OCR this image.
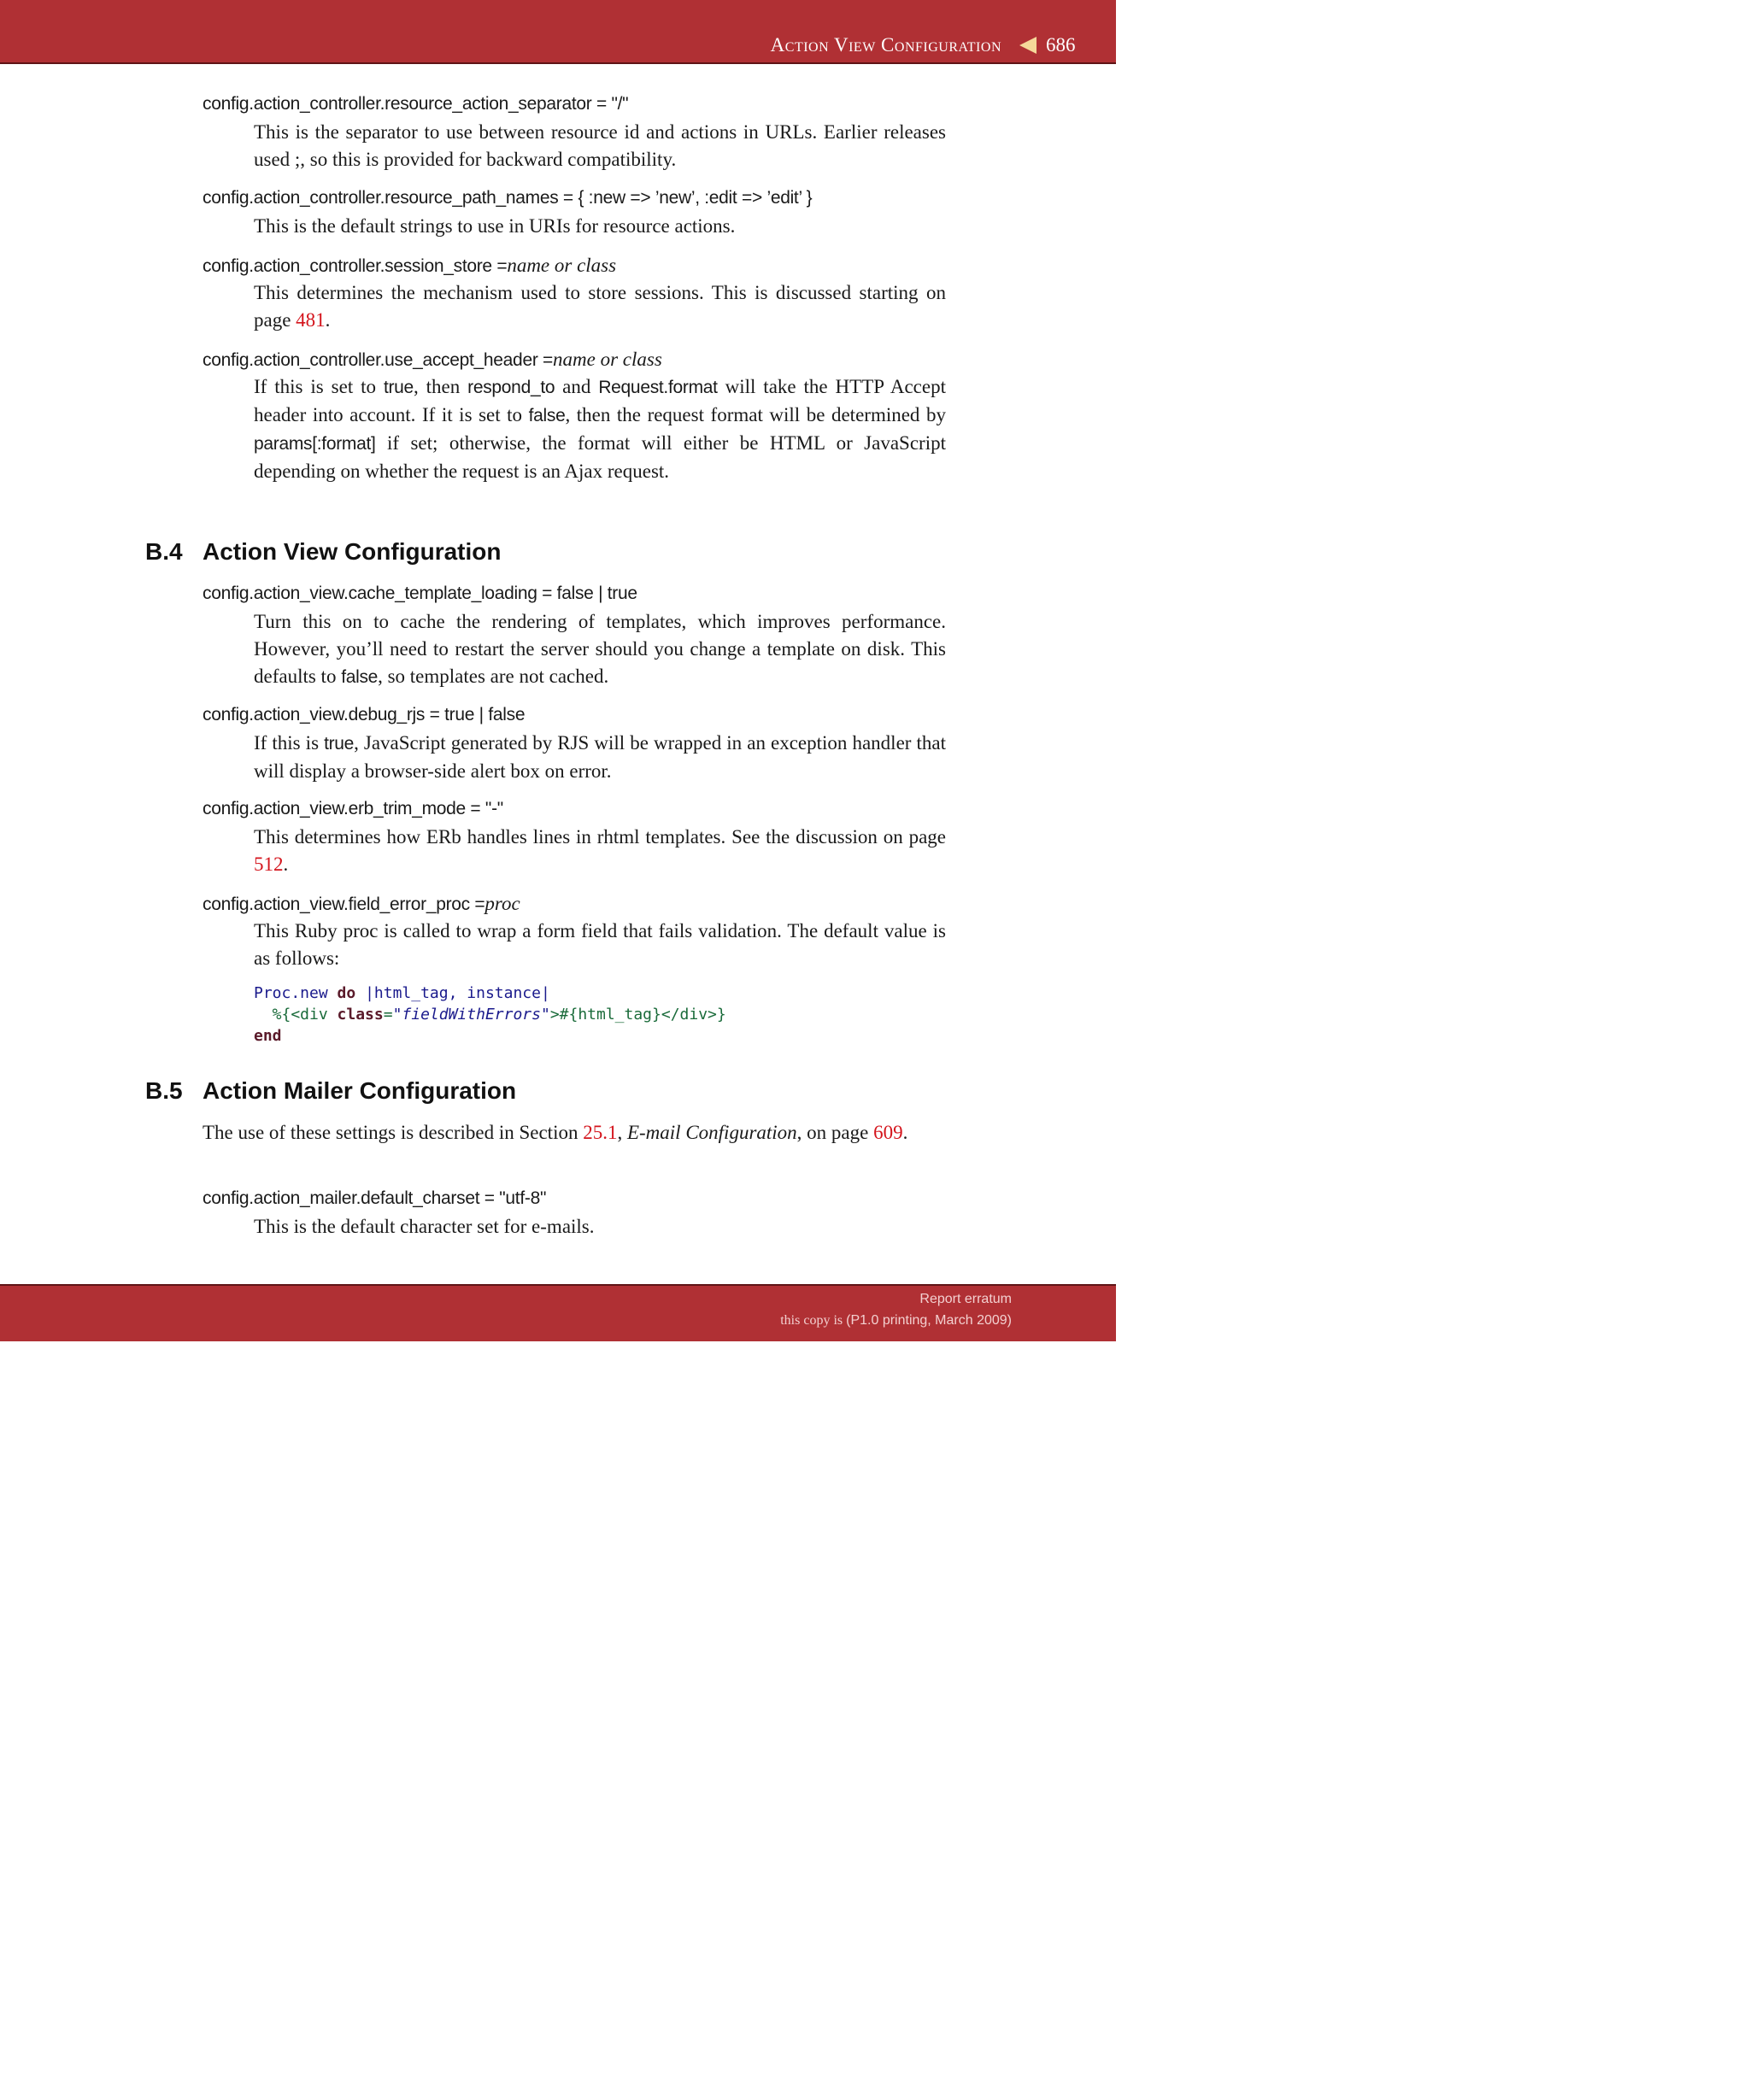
Action View Configuration 686
config.action_controller.resource_action_separator = "/"
This is the separator to use between resource id and actions in URLs. Earlier releases used ;, so this is provided for backward compatibility.
config.action_controller.resource_path_names = { :new => ’new’, :edit => ’edit’ }
This is the default strings to use in URIs for resource actions.
config.action_controller.session_store =name or class
This determines the mechanism used to store sessions. This is discussed starting on page 481.
config.action_controller.use_accept_header =name or class
If this is set to true, then respond_to and Request.format will take the HTTP Accept header into account. If it is set to false, then the request format will be determined by params[:format] if set; otherwise, the format will either be HTML or JavaScript depending on whether the request is an Ajax request.
B.4 Action View Configuration
config.action_view.cache_template_loading = false | true
Turn this on to cache the rendering of templates, which improves performance. However, you’ll need to restart the server should you change a template on disk. This defaults to false, so templates are not cached.
config.action_view.debug_rjs = true | false
If this is true, JavaScript generated by RJS will be wrapped in an exception handler that will display a browser-side alert box on error.
config.action_view.erb_trim_mode = "-"
This determines how ERb handles lines in rhtml templates. See the discussion on page 512.
config.action_view.field_error_proc =proc
This Ruby proc is called to wrap a form field that fails validation. The default value is as follows:
Proc.new do |html_tag, instance|
%{<div class="fieldWithErrors">#{html_tag}</div>}
end
B.5 Action Mailer Configuration
The use of these settings is described in Section 25.1, E-mail Configuration, on page 609.
config.action_mailer.default_charset = "utf-8"
This is the default character set for e-mails.
Report erratum
this copy is (P1.0 printing, March 2009)
